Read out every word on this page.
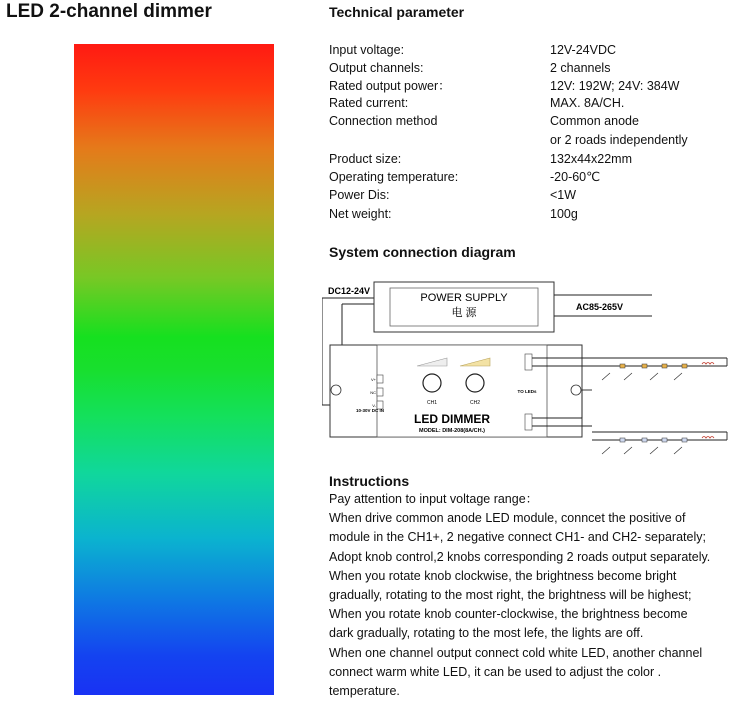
LED 2-channel dimmer	Technical parameter
Input voltage:	12V-24VDC
Output channels:	2 channels
Rated output power：	12V: 192W; 24V: 384W
Rated current:	MAX. 8A/CH.
Connection method	Common anode
or 2 roads independently
Product size:	132x44x22mm
Operating temperature:	-20-60℃
Power Dis:	<1W
Net weight:	100g
System connection diagram
DC12-24V
POWER SUPPLY
电 源	AC85-265V
V+
NC
V-
10-30V DC IN
CH1	CH2
LED DIMMER
MODEL: DIM-208(8A/CH.)
TO LEDs
Instructions
Pay attention to input voltage range：
When drive common anode LED module, conncet the positive of
module in the CH1+, 2 negative connect CH1- and CH2- separately;
Adopt knob control,2 knobs corresponding 2 roads output separately.
When you rotate knob clockwise, the brightness become bright
gradually, rotating to the most right, the brightness will be highest;
When you rotate knob counter-clockwise, the brightness become
dark gradually, rotating to the most lefe, the lights are off.
When one channel output connect cold white LED, another channel
connect warm white LED, it can be used to adjust the color .
temperature.
